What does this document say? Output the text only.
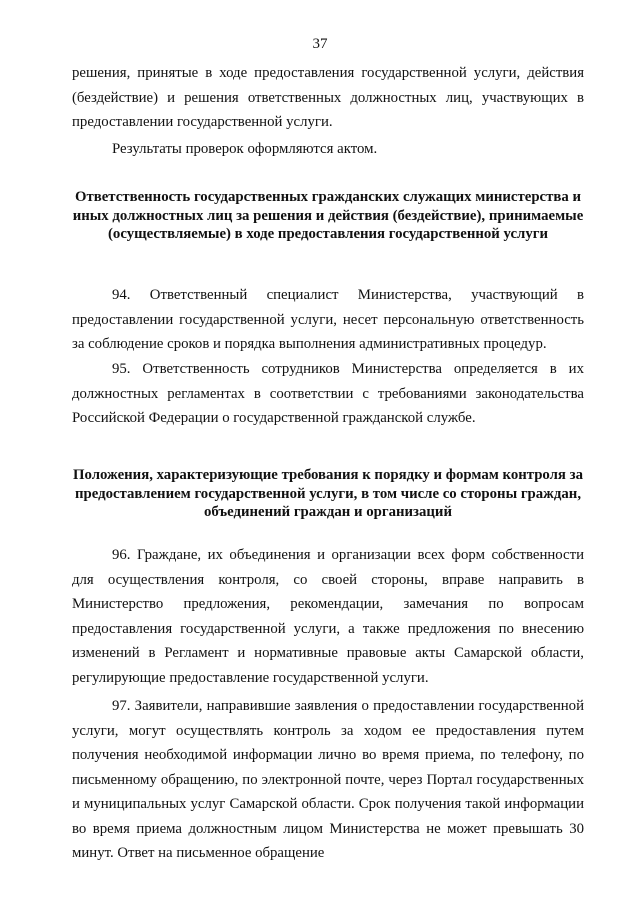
37

решения, принятые в ходе предоставления государственной услуги, действия (бездействие) и решения ответственных должностных лиц, участвующих в предоставлении государственной услуги.

Результаты проверок оформляются актом.

Ответственность государственных гражданских служащих министерства и иных должностных лиц за решения и действия (бездействие), принимаемые (осуществляемые) в ходе предоставления государственной услуги

94. Ответственный специалист Министерства, участвующий в предоставлении государственной услуги, несет персональную ответственность за соблюдение сроков и порядка выполнения административных процедур.

95. Ответственность сотрудников Министерства определяется в их должностных регламентах в соответствии с требованиями законодательства Российской Федерации о государственной гражданской службе.

Положения, характеризующие требования к порядку и формам контроля за предоставлением государственной услуги, в том числе со стороны граждан, объединений граждан и организаций

96. Граждане, их объединения и организации всех форм собственности для осуществления контроля, со своей стороны, вправе направить в Министерство предложения, рекомендации, замечания по вопросам предоставления государственной услуги, а также предложения по внесению изменений в Регламент и нормативные правовые акты Самарской области, регулирующие предоставление государственной услуги.

97. Заявители, направившие заявления о предоставлении государственной услуги, могут осуществлять контроль за ходом ее предоставления путем получения необходимой информации лично во время приема, по телефону, по письменному обращению, по электронной почте, через Портал государственных и муниципальных услуг Самарской области. Срок получения такой информации во время приема должностным лицом Министерства не может превышать 30 минут. Ответ на письменное обращение
